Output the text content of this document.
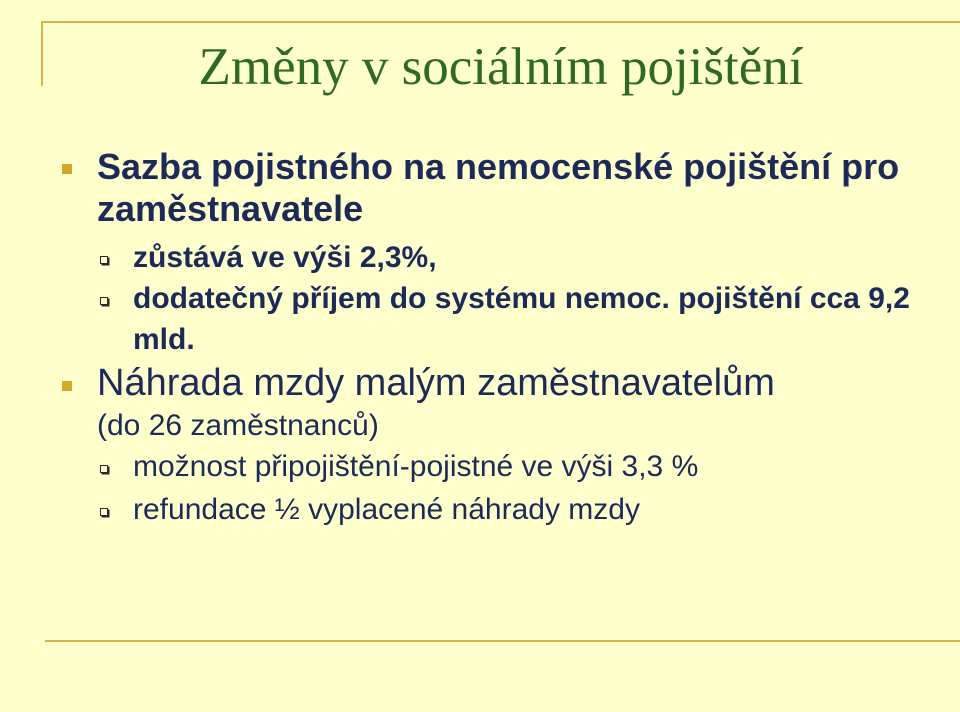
Změny v sociálním pojištění
Sazba pojistného na nemocenské pojištění pro zaměstnavatele
zůstává ve výši 2,3%,
dodatečný příjem do systému nemoc. pojištění cca 9,2 mld.
Náhrada mzdy malým zaměstnavatelům
(do 26 zaměstnanců)
možnost připojištění-pojistné ve výši 3,3 %
refundace ½ vyplacené náhrady mzdy
